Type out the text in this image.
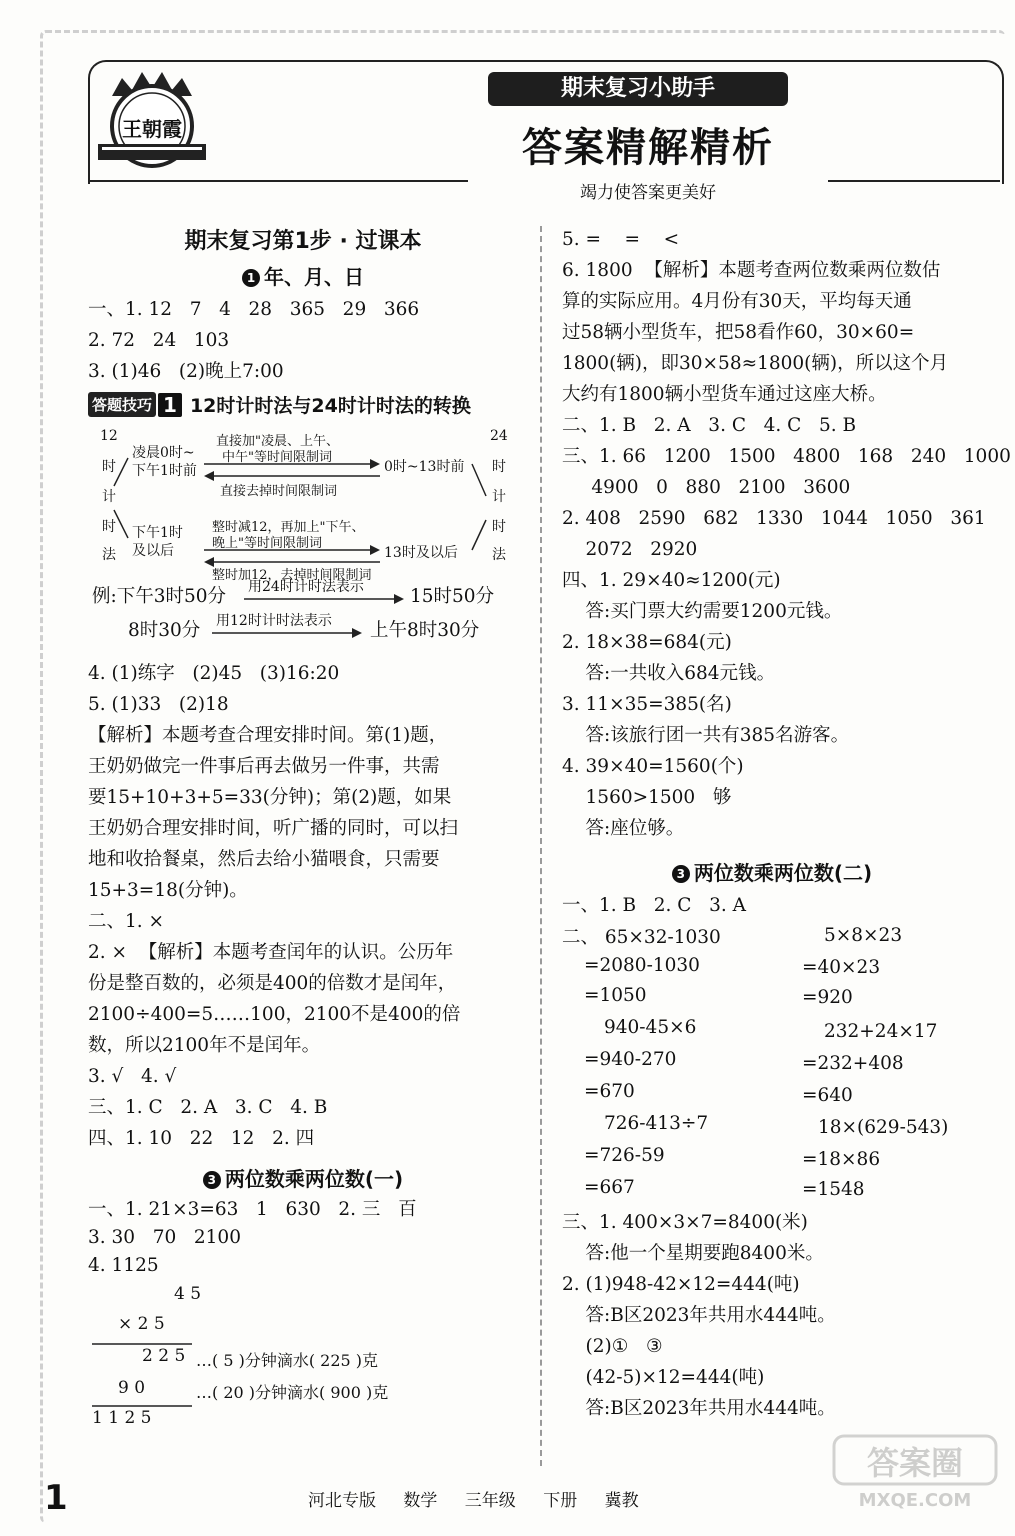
王朝霞
期末复习小助手
答案精解精析
竭力使答案更美好
期末复习第1步 · 过课本
1 年、月、日
一、1. 12   7   4   28   365   29   366
2. 72   24   103
3. (1)46   (2)晚上7:00
答题技巧 1 12时计时法与24时计时法的转换
12
时
计
时
法
凌晨0时~
下午1时前
直接加"凌晨、上午、
中午"等时间限制词
0时~13时前
直接去掉时间限制词
下午1时
及以后
整时减12，再加上"下午、
晚上"等时间限制词
13时及以后
整时加12，去掉时间限制词
24
时
计
时
法
例:下午3时50分 用24时计时法表示 15时50分
8时30分 用12时计时法表示 上午8时30分
4. (1)练字   (2)45   (3)16:20
5. (1)33   (2)18
【解析】本题考查合理安排时间。第(1)题，
王奶奶做完一件事后再去做另一件事，共需
要15+10+3+5=33(分钟)；第(2)题，如果
王奶奶合理安排时间，听广播的同时，可以扫
地和收拾餐桌，然后去给小猫喂食，只需要
15+3=18(分钟)。
二、1. ×
2. ×  【解析】本题考查闰年的认识。公历年
份是整百数的，必须是400的倍数才是闰年，
2100÷400=5……100，2100不是400的倍
数，所以2100年不是闰年。
3. √   4. √
三、1. C   2. A   3. C   4. B
四、1. 10   22   12   2. 四
3 两位数乘两位数(一)
一、1. 21×3=63   1   630   2. 三   百
3. 30   70   2100
4. 1125
4 5
× 2 5
2 2 5 …( 5 )分钟滴水( 225 )克
9 0	…( 20 )分钟滴水( 900 )克
1 1 2 5
5. =    =    <
6. 1800  【解析】本题考查两位数乘两位数估
算的实际应用。4月份有30天，平均每天通
过58辆小型货车，把58看作60，30×60=
1800(辆)，即30×58≈1800(辆)，所以这个月
大约有1800辆小型货车通过这座大桥。
二、1. B   2. A   3. C   4. C   5. B
三、1. 66   1200   1500   4800   168   240   1000
4900   0   880   2100   3600
2. 408   2590   682   1330   1044   1050   361
2072   2920
四、1. 29×40≈1200(元)
答:买门票大约需要1200元钱。
2. 18×38=684(元)
答:一共收入684元钱。
3. 11×35=385(名)
答:该旅行团一共有385名游客。
4. 39×40=1560(个)
1560>1500   够
答:座位够。
3 两位数乘两位数(二)
一、1. B   2. C   3. A
二、 65×32-1030
=2080-1030
=1050
5×8×23
=40×23
=920
940-45×6
=940-270
=670
232+24×17
=232+408
=640
726-413÷7
=726-59
=667
18×(629-543)
=18×86
=1548
三、1. 400×3×7=8400(米)
答:他一个星期要跑8400米。
2. (1)948-42×12=444(吨)
答:B区2023年共用水444吨。
(2)①   ③
(42-5)×12=444(吨)
答:B区2023年共用水444吨。
1	河北专版 数学 三年级 下册 冀教
答案圈
MXQE.COM
